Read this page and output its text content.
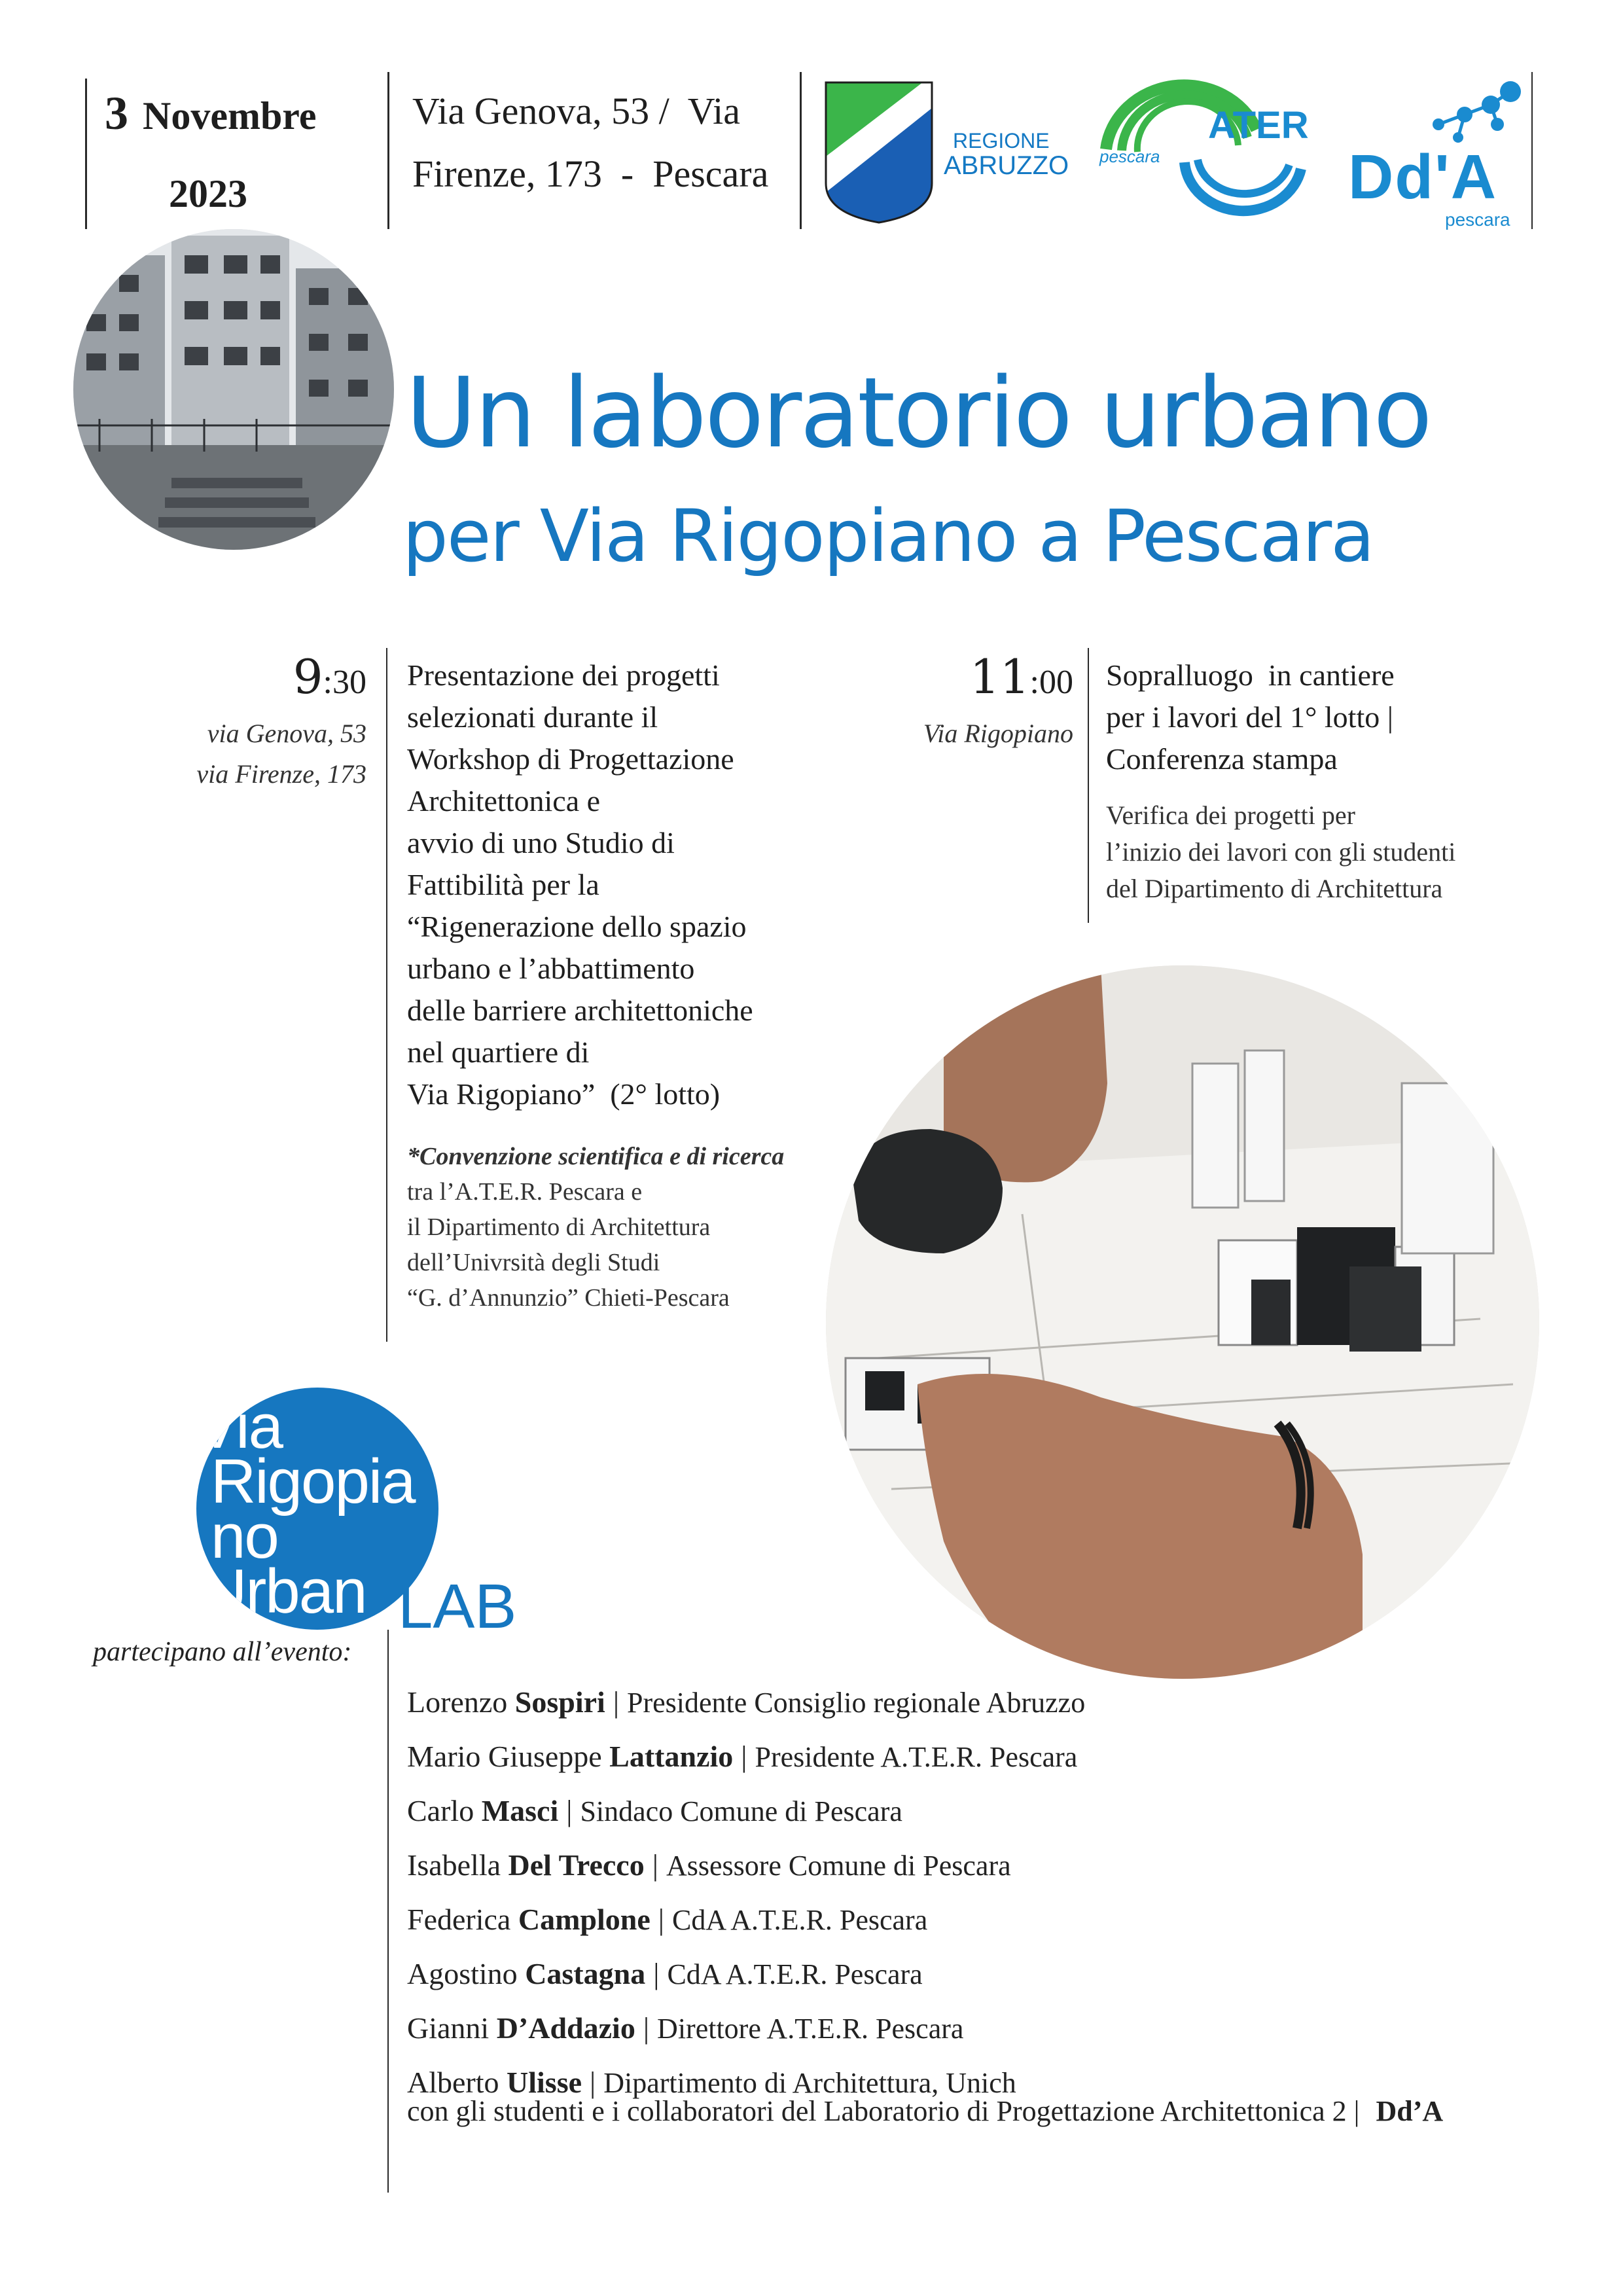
3 Novembre
2023
Via Genova, 53 /  Via
Firenze, 173  -  Pescara
REGIONE
ABRUZZO pescara
ATER
Dd'A
pescara
Un laboratorio urbano
per Via Rigopiano a Pescara
9:30
via Genova, 53
via Firenze, 173
Presentazione dei progetti
selezionati durante il
Workshop di Progettazione
Architettonica e
avvio di uno Studio di
Fattibilità per la
“Rigenerazione dello spazio
urbano e l’abbattimento
delle barriere architettoniche
nel quartiere di
Via Rigopiano”  (2° lotto)
*Convenzione scientifica e di ricerca
tra l’A.T.E.R. Pescara e
il Dipartimento di Architettura
dell’Univrsità degli Studi
“G. d’Annunzio” Chieti-Pescara
11:00
Via Rigopiano
Sopralluogo  in cantiere
per i lavori del 1° lotto |
Conferenza stampa
Verifica dei progetti per
l’inizio dei lavori con gli studenti
del Dipartimento di Architettura
Via
Rigopia
no
Urban LAB
partecipano all’evento:
Lorenzo Sospiri | Presidente Consiglio regionale Abruzzo
Mario Giuseppe Lattanzio | Presidente A.T.E.R. Pescara
Carlo Masci | Sindaco Comune di Pescara
Isabella Del Trecco | Assessore Comune di Pescara
Federica Camplone | CdA A.T.E.R. Pescara
Agostino Castagna | CdA A.T.E.R. Pescara
Gianni D’Addazio | Direttore A.T.E.R. Pescara
Alberto Ulisse | Dipartimento di Architettura, Unich
con gli studenti e i collaboratori del Laboratorio di Progettazione Architettonica 2 | Dd’A
